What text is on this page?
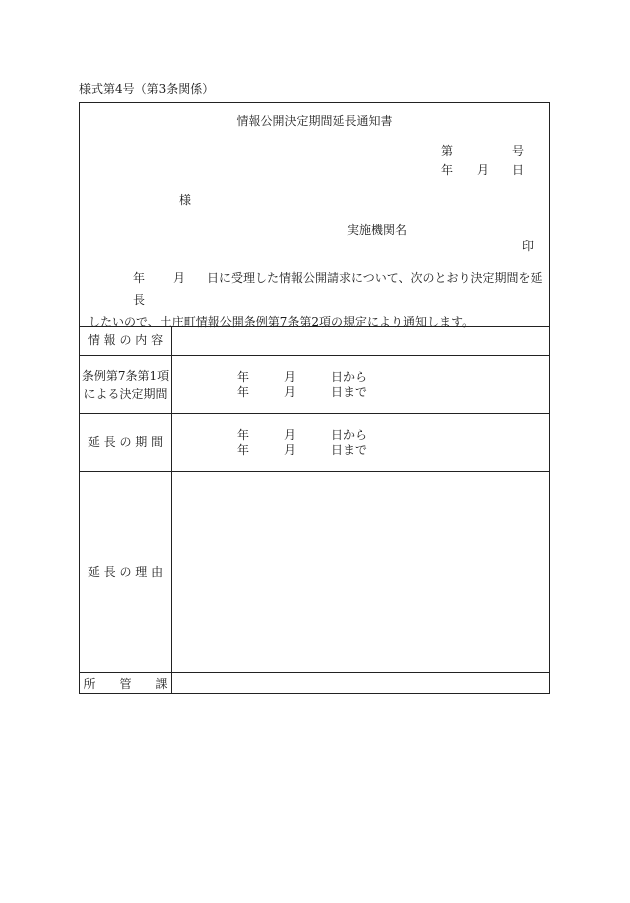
様式第4号（第3条関係）
情報公開決定期間延長通知書
第	号
年 月 日
様
実施機関名
印
年 月 日に受理した情報公開請求について、次のとおり決定期間を延長
したいので、土庄町情報公開条例第7条第2項の規定により通知します。
情 報 の 内 容
条例第7条第1項
による決定期間
年	月	日から
年	月	日まで
延 長 の 期 間	年	月	日から
年	月	日まで
延 長 の 理 由
所　　管　　課
